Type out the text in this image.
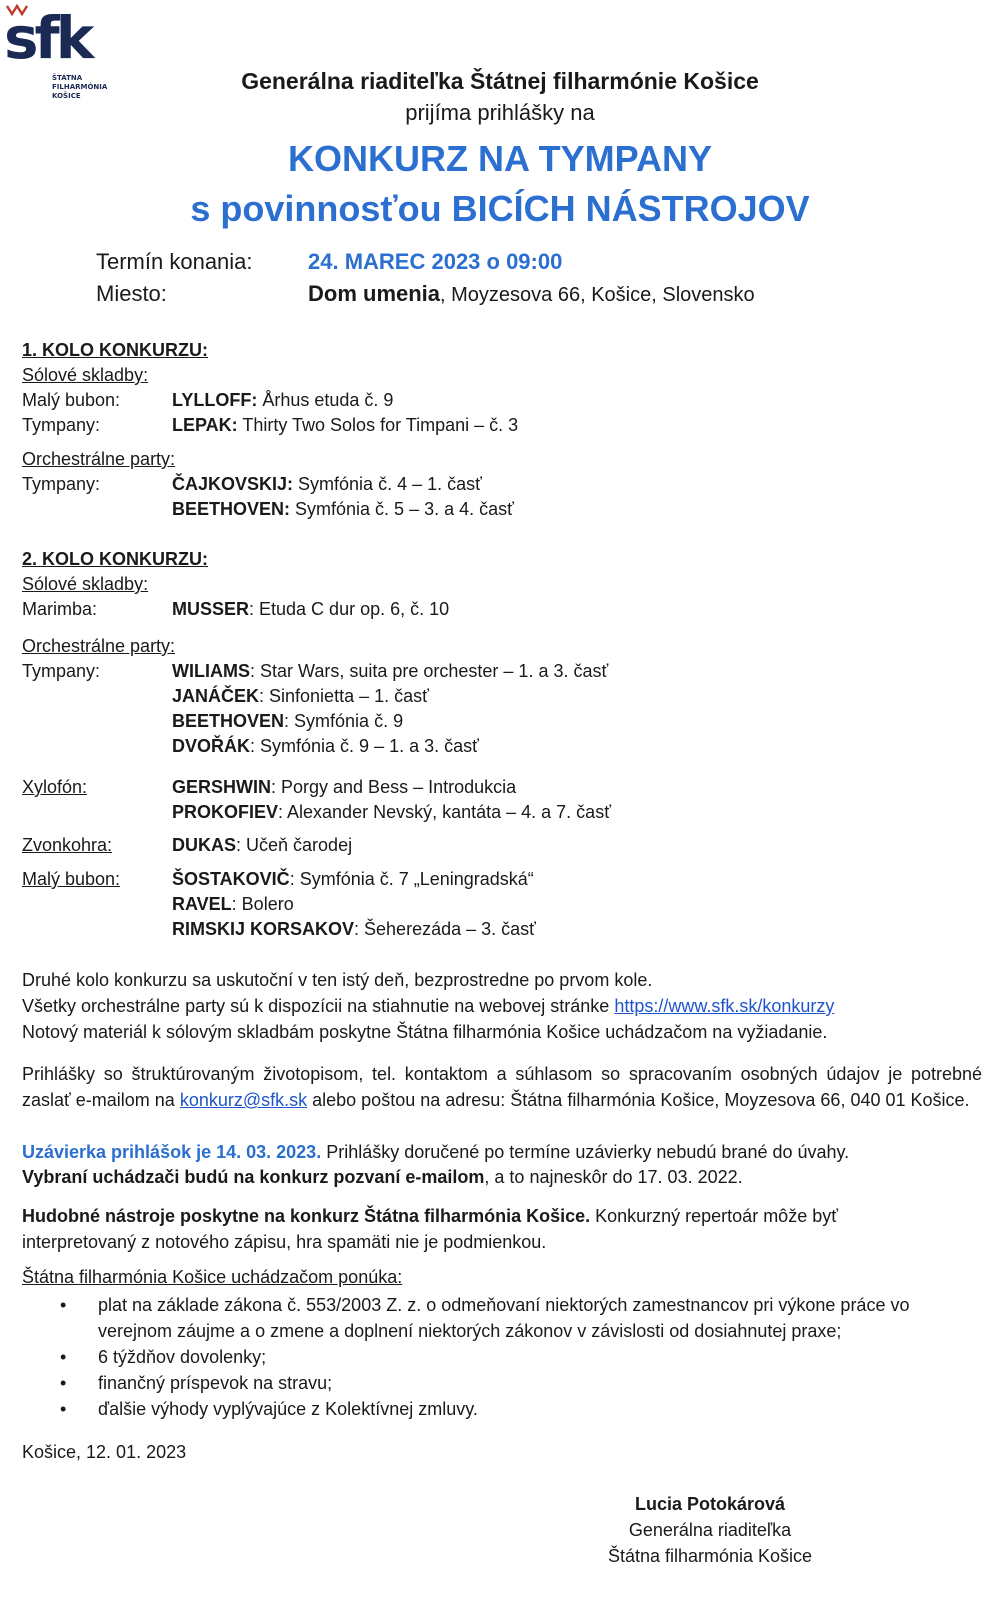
sfk
ŠTÁTNA
FILHARMÓNIA
KOŠICE
Generálna riaditeľka Štátnej filharmónie Košice
prijíma prihlášky na
KONKURZ NA TYMPANY
s povinnosťou BICÍCH NÁSTROJOV
Termín konania:	24. MAREC 2023 o 09:00
Miesto:	Dom umenia, Moyzesova 66, Košice, Slovensko
1. KOLO KONKURZU:
Sólové skladby:
Malý bubon:	LYLLOFF: Århus etuda č. 9
Tympany:	LEPAK: Thirty Two Solos for Timpani – č. 3
Orchestrálne party:
Tympany:	ČAJKOVSKIJ: Symfónia č. 4 – 1. časť
BEETHOVEN: Symfónia č. 5 – 3. a 4. časť
2. KOLO KONKURZU:
Sólové skladby:
Marimba:	MUSSER: Etuda C dur op. 6, č. 10
Orchestrálne party:
Tympany:	WILIAMS: Star Wars, suita pre orchester – 1. a 3. časť
JANÁČEK: Sinfonietta – 1. časť
BEETHOVEN: Symfónia č. 9
DVOŘÁK: Symfónia č. 9 – 1. a 3. časť
Xylofón:	GERSHWIN: Porgy and Bess – Introdukcia
PROKOFIEV: Alexander Nevský, kantáta – 4. a 7. časť
Zvonkohra:	DUKAS: Učeň čarodej
Malý bubon:	ŠOSTAKOVIČ: Symfónia č. 7 „Leningradská“
RAVEL: Bolero
RIMSKIJ KORSAKOV: Šeherezáda – 3. časť
Druhé kolo konkurzu sa uskutoční v ten istý deň, bezprostredne po prvom kole.
Všetky orchestrálne party sú k dispozícii na stiahnutie na webovej stránke https://www.sfk.sk/konkurzy
Notový materiál k sólovým skladbám poskytne Štátna filharmónia Košice uchádzačom na vyžiadanie.
Prihlášky so štruktúrovaným životopisom, tel. kontaktom a súhlasom so spracovaním osobných údajov je potrebné zaslať e-mailom na konkurz@sfk.sk alebo poštou na adresu: Štátna filharmónia Košice, Moyzesova 66, 040 01 Košice.
Uzávierka prihlášok je 14. 03. 2023. Prihlášky doručené po termíne uzávierky nebudú brané do úvahy.
Vybraní uchádzači budú na konkurz pozvaní e-mailom, a to najneskôr do 17. 03. 2022.
Hudobné nástroje poskytne na konkurz Štátna filharmónia Košice. Konkurzný repertoár môže byť interpretovaný z notového zápisu, hra spamäti nie je podmienkou.
Štátna filharmónia Košice uchádzačom ponúka:
• plat na základe zákona č. 553/2003 Z. z. o odmeňovaní niektorých zamestnancov pri výkone práce vo verejnom záujme a o zmene a doplnení niektorých zákonov v závislosti od dosiahnutej praxe;
• 6 týždňov dovolenky;
• finančný príspevok na stravu;
• ďalšie výhody vyplývajúce z Kolektívnej zmluvy.
Košice, 12. 01. 2023
Lucia Potokárová
Generálna riaditeľka
Štátna filharmónia Košice
